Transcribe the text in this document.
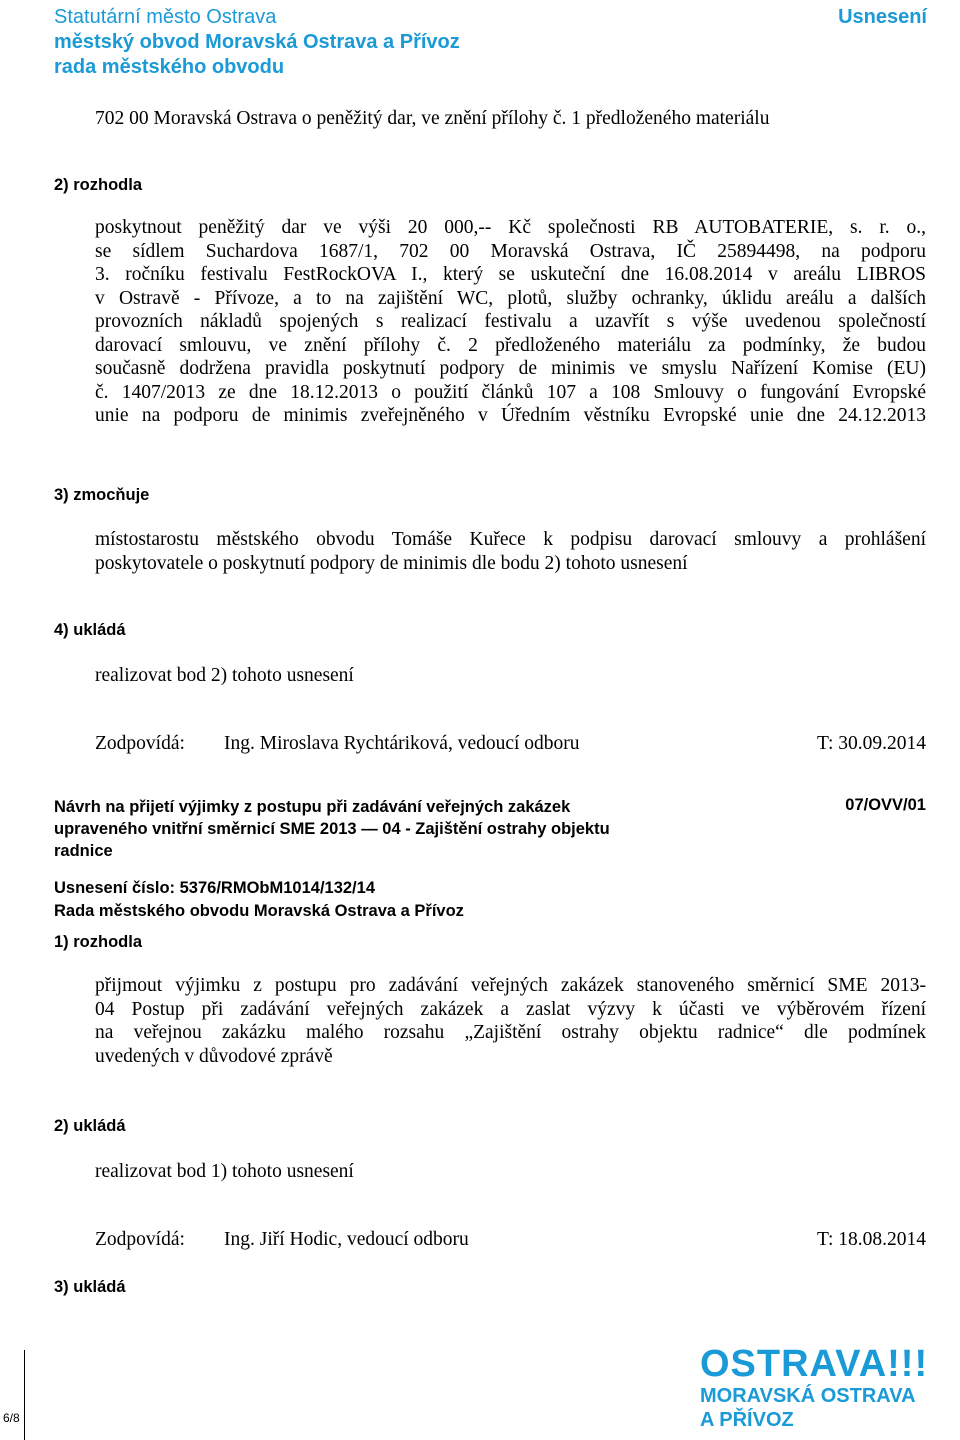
Statutární město Ostrava
městský obvod Moravská Ostrava a Přívoz
rada městského obvodu
Usnesení
702 00 Moravská Ostrava o peněžitý dar, ve znění přílohy č. 1 předloženého materiálu
2) rozhodla
poskytnout peněžitý dar ve výši 20 000,-- Kč společnosti RB AUTOBATERIE, s. r. o.,
se sídlem Suchardova 1687/1, 702 00 Moravská Ostrava, IČ 25894498, na podporu
3. ročníku festivalu FestRockOVA I., který se uskuteční dne 16.08.2014 v areálu LIBROS
v Ostravě - Přívoze, a to na zajištění WC, plotů, služby ochranky, úklidu areálu a dalších
provozních nákladů spojených s realizací festivalu a uzavřít s výše uvedenou společností
darovací smlouvu, ve znění přílohy č. 2 předloženého materiálu za podmínky, že budou
současně dodržena pravidla poskytnutí podpory de minimis ve smyslu Nařízení Komise (EU)
č. 1407/2013 ze dne 18.12.2013 o použití článků 107 a 108 Smlouvy o fungování Evropské
unie na podporu de minimis zveřejněného v Úředním věstníku Evropské unie dne 24.12.2013
3) zmocňuje
místostarostu městského obvodu Tomáše Kuřece k podpisu darovací smlouvy a prohlášení
poskytovatele o poskytnutí podpory de minimis dle bodu 2) tohoto usnesení
4) ukládá
realizovat bod 2) tohoto usnesení
Zodpovídá: Ing. Miroslava Rychtáriková, vedoucí odboru	T: 30.09.2014
Návrh na přijetí výjimky z postupu při zadávání veřejných zakázek
upraveného vnitřní směrnicí SME 2013 — 04 - Zajištění ostrahy objektu
radnice
07/OVV/01
Usnesení číslo: 5376/RMObM1014/132/14
Rada městského obvodu Moravská Ostrava a Přívoz
1) rozhodla
přijmout výjimku z postupu pro zadávání veřejných zakázek stanoveného směrnicí SME 2013-
04 Postup při zadávání veřejných zakázek a zaslat výzvy k účasti ve výběrovém řízení
na veřejnou zakázku malého rozsahu „Zajištění ostrahy objektu radnice“ dle podmínek
uvedených v důvodové zprávě
2) ukládá
realizovat bod 1) tohoto usnesení
Zodpovídá: Ing. Jiří Hodic, vedoucí odboru	T: 18.08.2014
3) ukládá
6/8
OSTRAVA!!!
MORAVSKÁ OSTRAVA
A PŘÍVOZ
